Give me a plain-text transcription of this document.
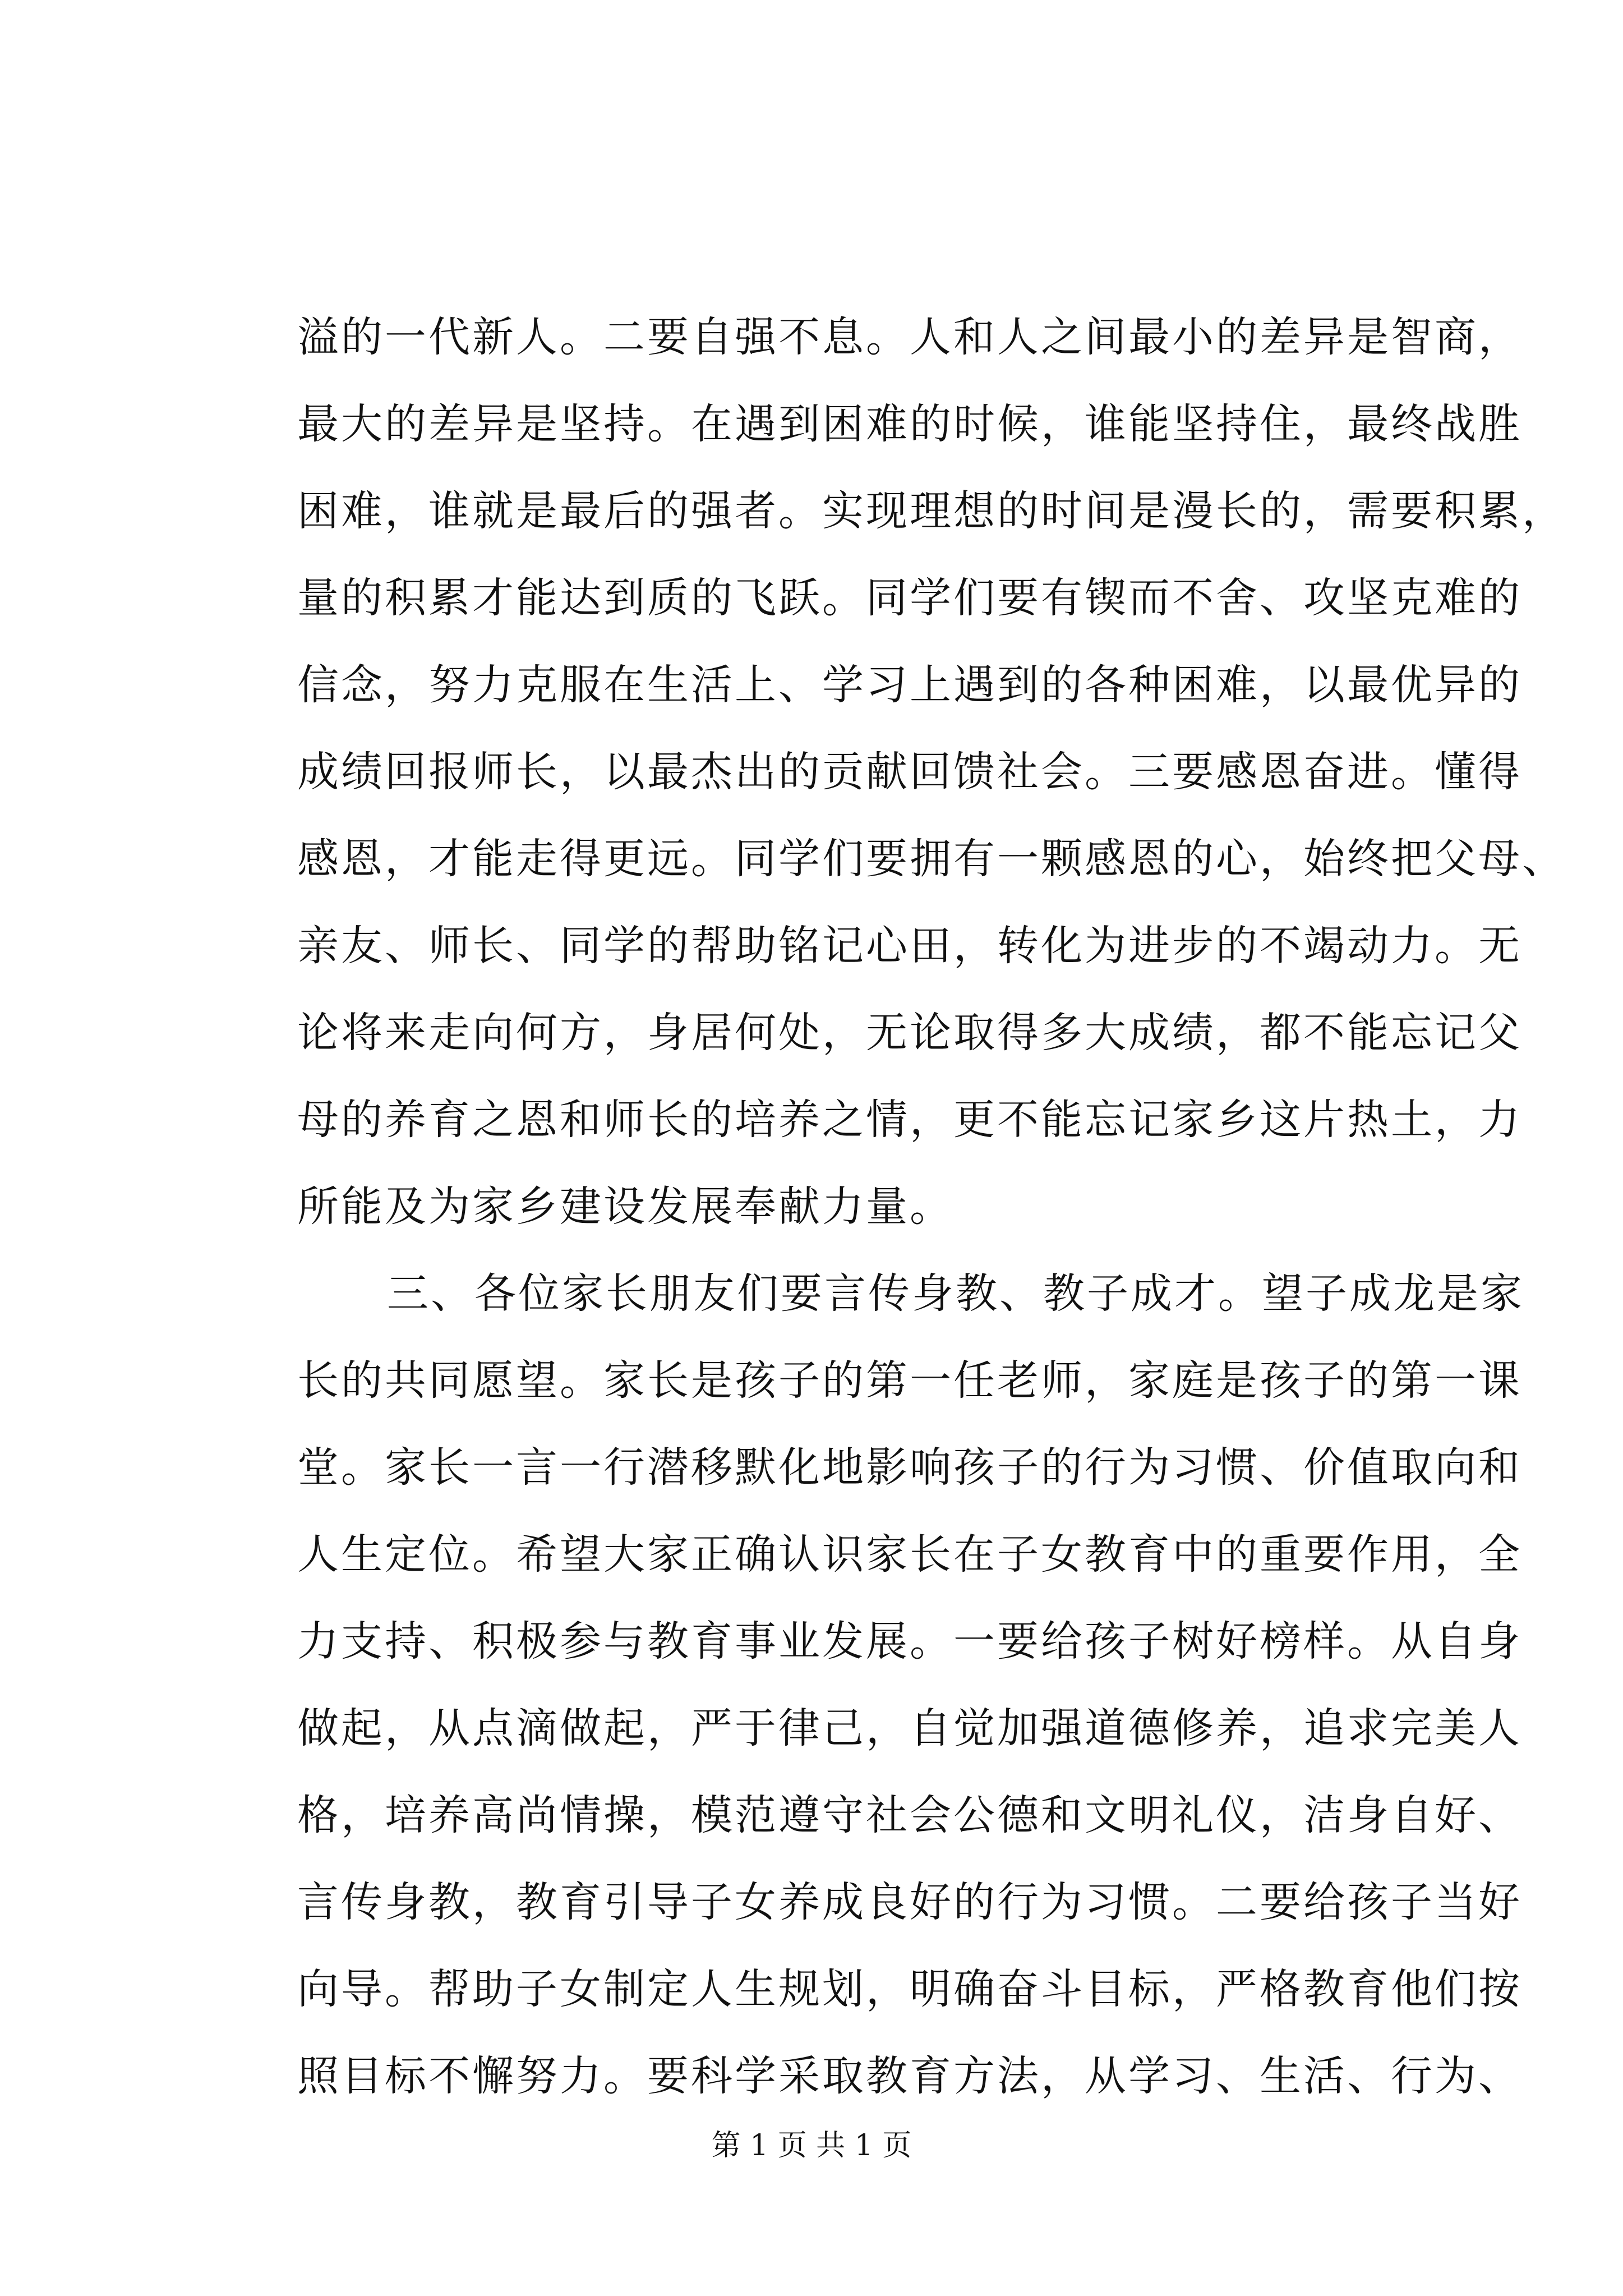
溢的一代新人。二要自强不息。人和人之间最小的差异是智商，
最大的差异是坚持。在遇到困难的时候，谁能坚持住，最终战胜
困难，谁就是最后的强者。实现理想的时间是漫长的，需要积累，
量的积累才能达到质的飞跃。同学们要有锲而不舍、攻坚克难的
信念，努力克服在生活上、学习上遇到的各种困难，以最优异的
成绩回报师长，以最杰出的贡献回馈社会。三要感恩奋进。懂得
感恩，才能走得更远。同学们要拥有一颗感恩的心，始终把父母、
亲友、师长、同学的帮助铭记心田，转化为进步的不竭动力。无
论将来走向何方，身居何处，无论取得多大成绩，都不能忘记父
母的养育之恩和师长的培养之情，更不能忘记家乡这片热土，力
所能及为家乡建设发展奉献力量。
三、各位家长朋友们要言传身教、教子成才。望子成龙是家
长的共同愿望。家长是孩子的第一任老师，家庭是孩子的第一课
堂。家长一言一行潜移默化地影响孩子的行为习惯、价值取向和
人生定位。希望大家正确认识家长在子女教育中的重要作用，全
力支持、积极参与教育事业发展。一要给孩子树好榜样。从自身
做起，从点滴做起，严于律己，自觉加强道德修养，追求完美人
格，培养高尚情操，模范遵守社会公德和文明礼仪，洁身自好、
言传身教，教育引导子女养成良好的行为习惯。二要给孩子当好
向导。帮助子女制定人生规划，明确奋斗目标，严格教育他们按
照目标不懈努力。要科学采取教育方法，从学习、生活、行为、
第 1 页 共 1 页
